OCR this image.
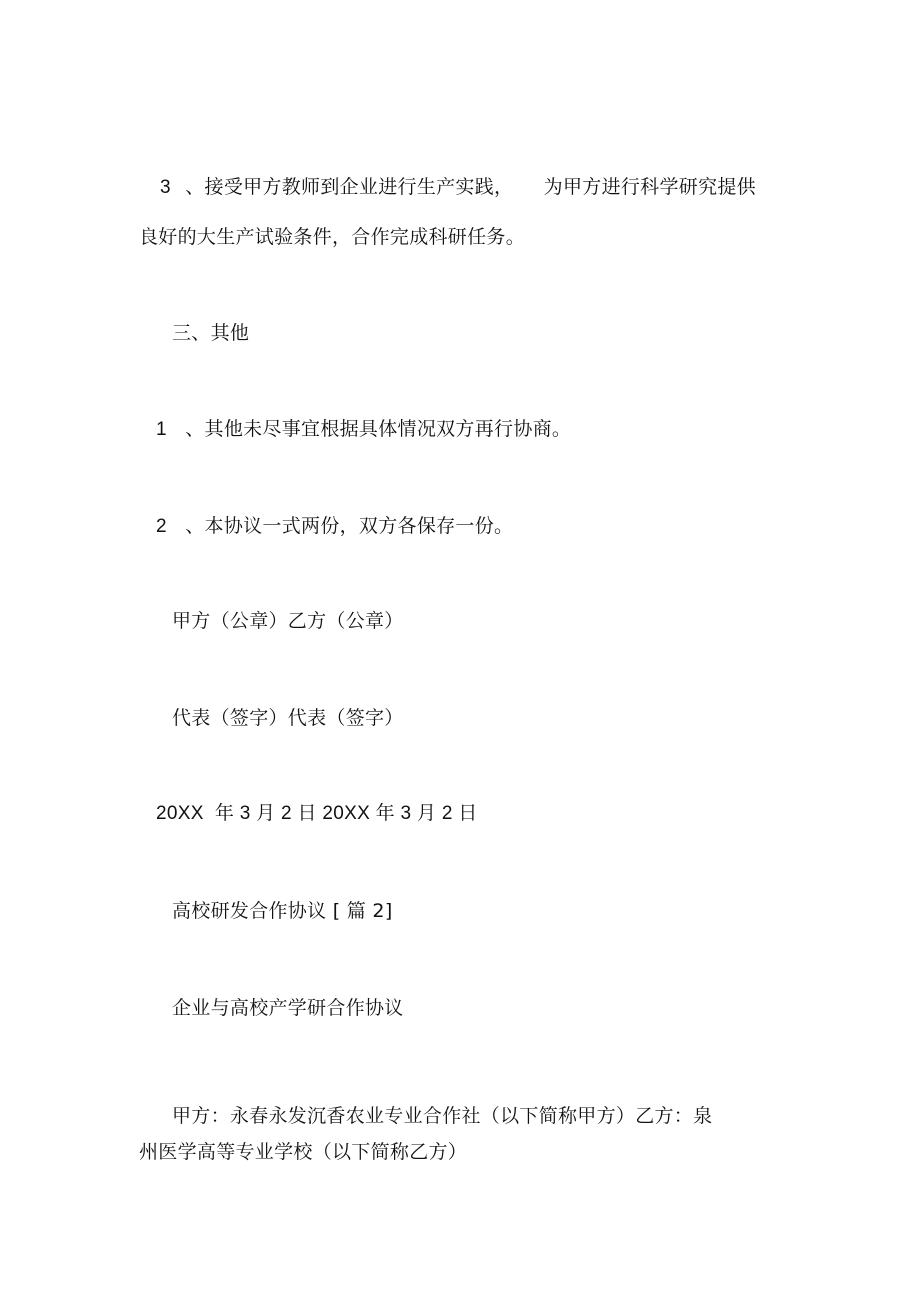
3 、接受甲方教师到企业进行生产实践， 为甲方进行科学研究提供
良好的大生产试验条件，合作完成科研任务。
三、其他
1 、其他未尽事宜根据具体情况双方再行协商。
2 、本协议一式两份，双方各保存一份。
甲方（公章）乙方（公章）
代表（签字）代表（签字）
20XX  年 3 月 2 日 20XX 年 3 月 2 日
高校研发合作协议 [ 篇 2]
企业与高校产学研合作协议
甲方：永春永发沉香农业专业合作社（以下简称甲方）乙方：泉
州医学高等专业学校（以下简称乙方）
